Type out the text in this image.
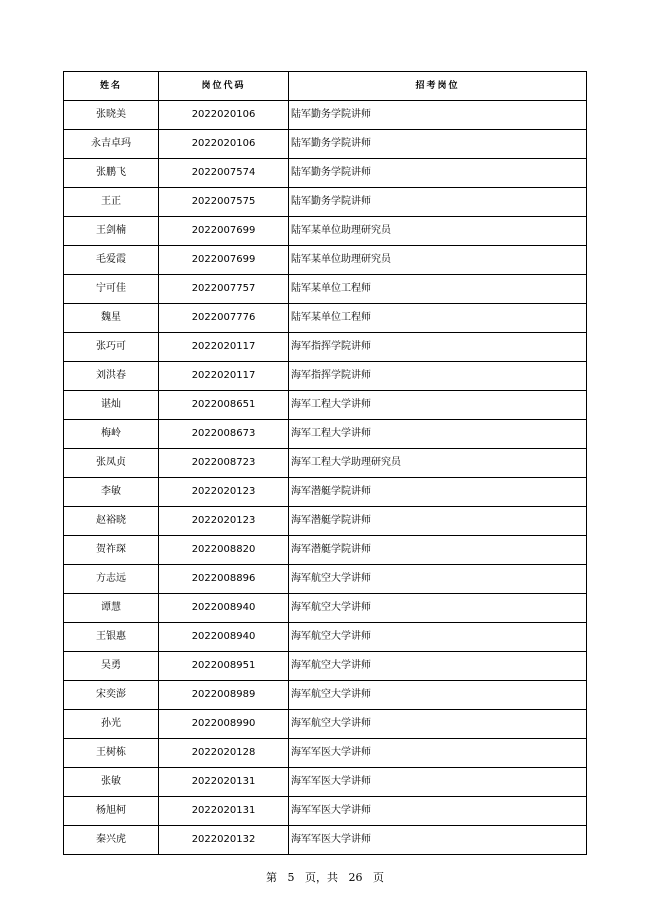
姓名	岗位代码	招考岗位
张晓美	2022020106	陆军勤务学院讲师
永吉卓玛	2022020106	陆军勤务学院讲师
张鹏飞	2022007574	陆军勤务学院讲师
王正	2022007575	陆军勤务学院讲师
王剑楠	2022007699	陆军某单位助理研究员
毛爱霞	2022007699	陆军某单位助理研究员
宁可佳	2022007757	陆军某单位工程师
魏星	2022007776	陆军某单位工程师
张巧可	2022020117	海军指挥学院讲师
刘洪春	2022020117	海军指挥学院讲师
谌灿	2022008651	海军工程大学讲师
梅岭	2022008673	海军工程大学讲师
张凤贞	2022008723	海军工程大学助理研究员
李敏	2022020123	海军潜艇学院讲师
赵裕晓	2022020123	海军潜艇学院讲师
贺祚琛	2022008820	海军潜艇学院讲师
方志远	2022008896	海军航空大学讲师
谭慧	2022008940	海军航空大学讲师
王银惠	2022008940	海军航空大学讲师
吴勇	2022008951	海军航空大学讲师
宋奕澎	2022008989	海军航空大学讲师
孙光	2022008990	海军航空大学讲师
王树栋	2022020128	海军军医大学讲师
张敏	2022020131	海军军医大学讲师
杨旭柯	2022020131	海军军医大学讲师
秦兴虎	2022020132	海军军医大学讲师
第 5 页，共 26 页
